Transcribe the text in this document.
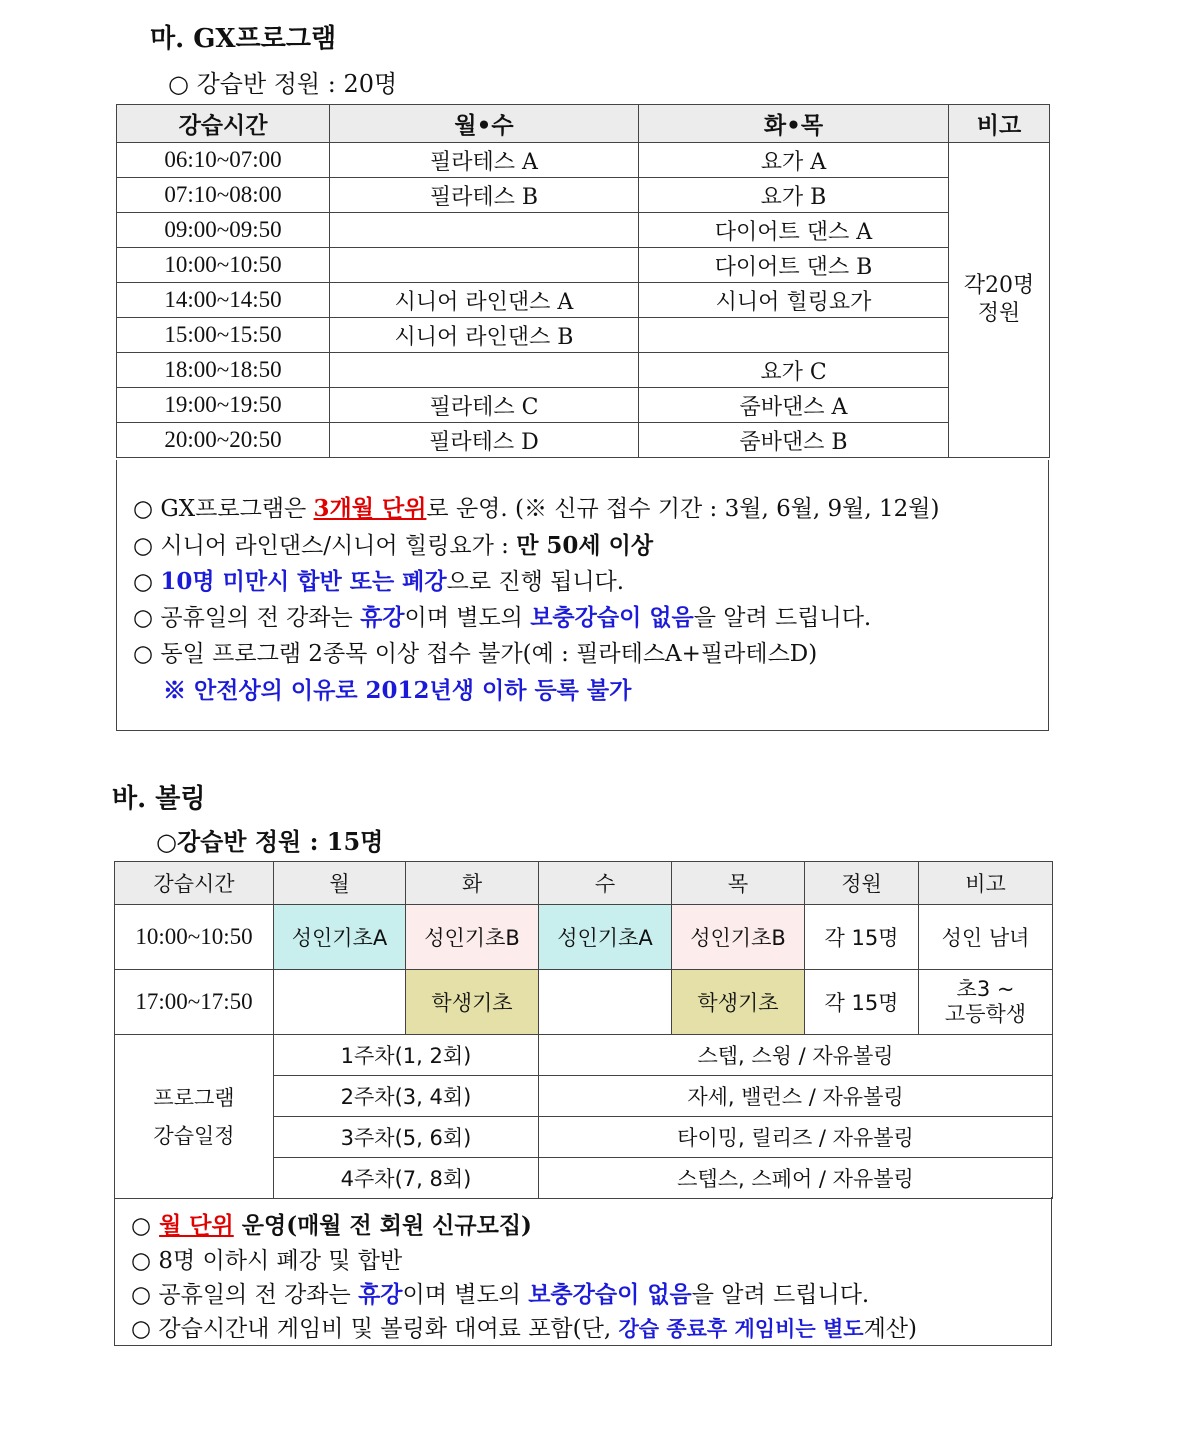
마. GX프로그램
○ 강습반 정원 : 20명
강습시간	월•수	화•목	비고
06:10~07:00	필라테스 A	요가 A	각20명
정원

07:10~08:00	필라테스 B	요가 B	
09:00~09:50		다이어트 댄스 A	
10:00~10:50		다이어트 댄스 B	
14:00~14:50	시니어 라인댄스 A	시니어 힐링요가	
15:00~15:50	시니어 라인댄스 B		
18:00~18:50		요가 C	
19:00~19:50	필라테스 C	줌바댄스 A	
20:00~20:50	필라테스 D	줌바댄스 B	
○ GX프로그램은 3개월 단위로 운영. (※ 신규 접수 기간 : 3월, 6월, 9월, 12월)
○ 시니어 라인댄스/시니어 힐링요가 : 만 50세 이상
○ 10명 미만시 합반 또는 폐강으로 진행 됩니다.
○ 공휴일의 전 강좌는 휴강이며 별도의 보충강습이 없음을 알려 드립니다.
○ 동일 프로그램 2종목 이상 접수 불가(예 : 필라테스A+필라테스D)
※ 안전상의 이유로 2012년생 이하 등록 불가
바. 볼링
○강습반 정원 : 15명
강습시간	월	화	수	목	정원	비고
10:00~10:50	성인기초A	성인기초B	성인기초A	성인기초B	각 15명	성인 남녀
17:00~17:50		학생기초		학생기초	각 15명	초3 ~
고등학생

프로그램
강습일정	1주차(1, 2회)		스텝, 스윙 / 자유볼링			
	2주차(3, 4회)		자세, 밸런스 / 자유볼링			
	3주차(5, 6회)		타이밍, 릴리즈 / 자유볼링			
	4주차(7, 8회)		스텝스, 스페어 / 자유볼링			
○ 월 단위 운영(매월 전 회원 신규모집)
○ 8명 이하시 폐강 및 합반
○ 공휴일의 전 강좌는 휴강이며 별도의 보충강습이 없음을 알려 드립니다.
○ 강습시간내 게임비 및 볼링화 대여료 포함(단, 강습 종료후 게임비는 별도계산)
